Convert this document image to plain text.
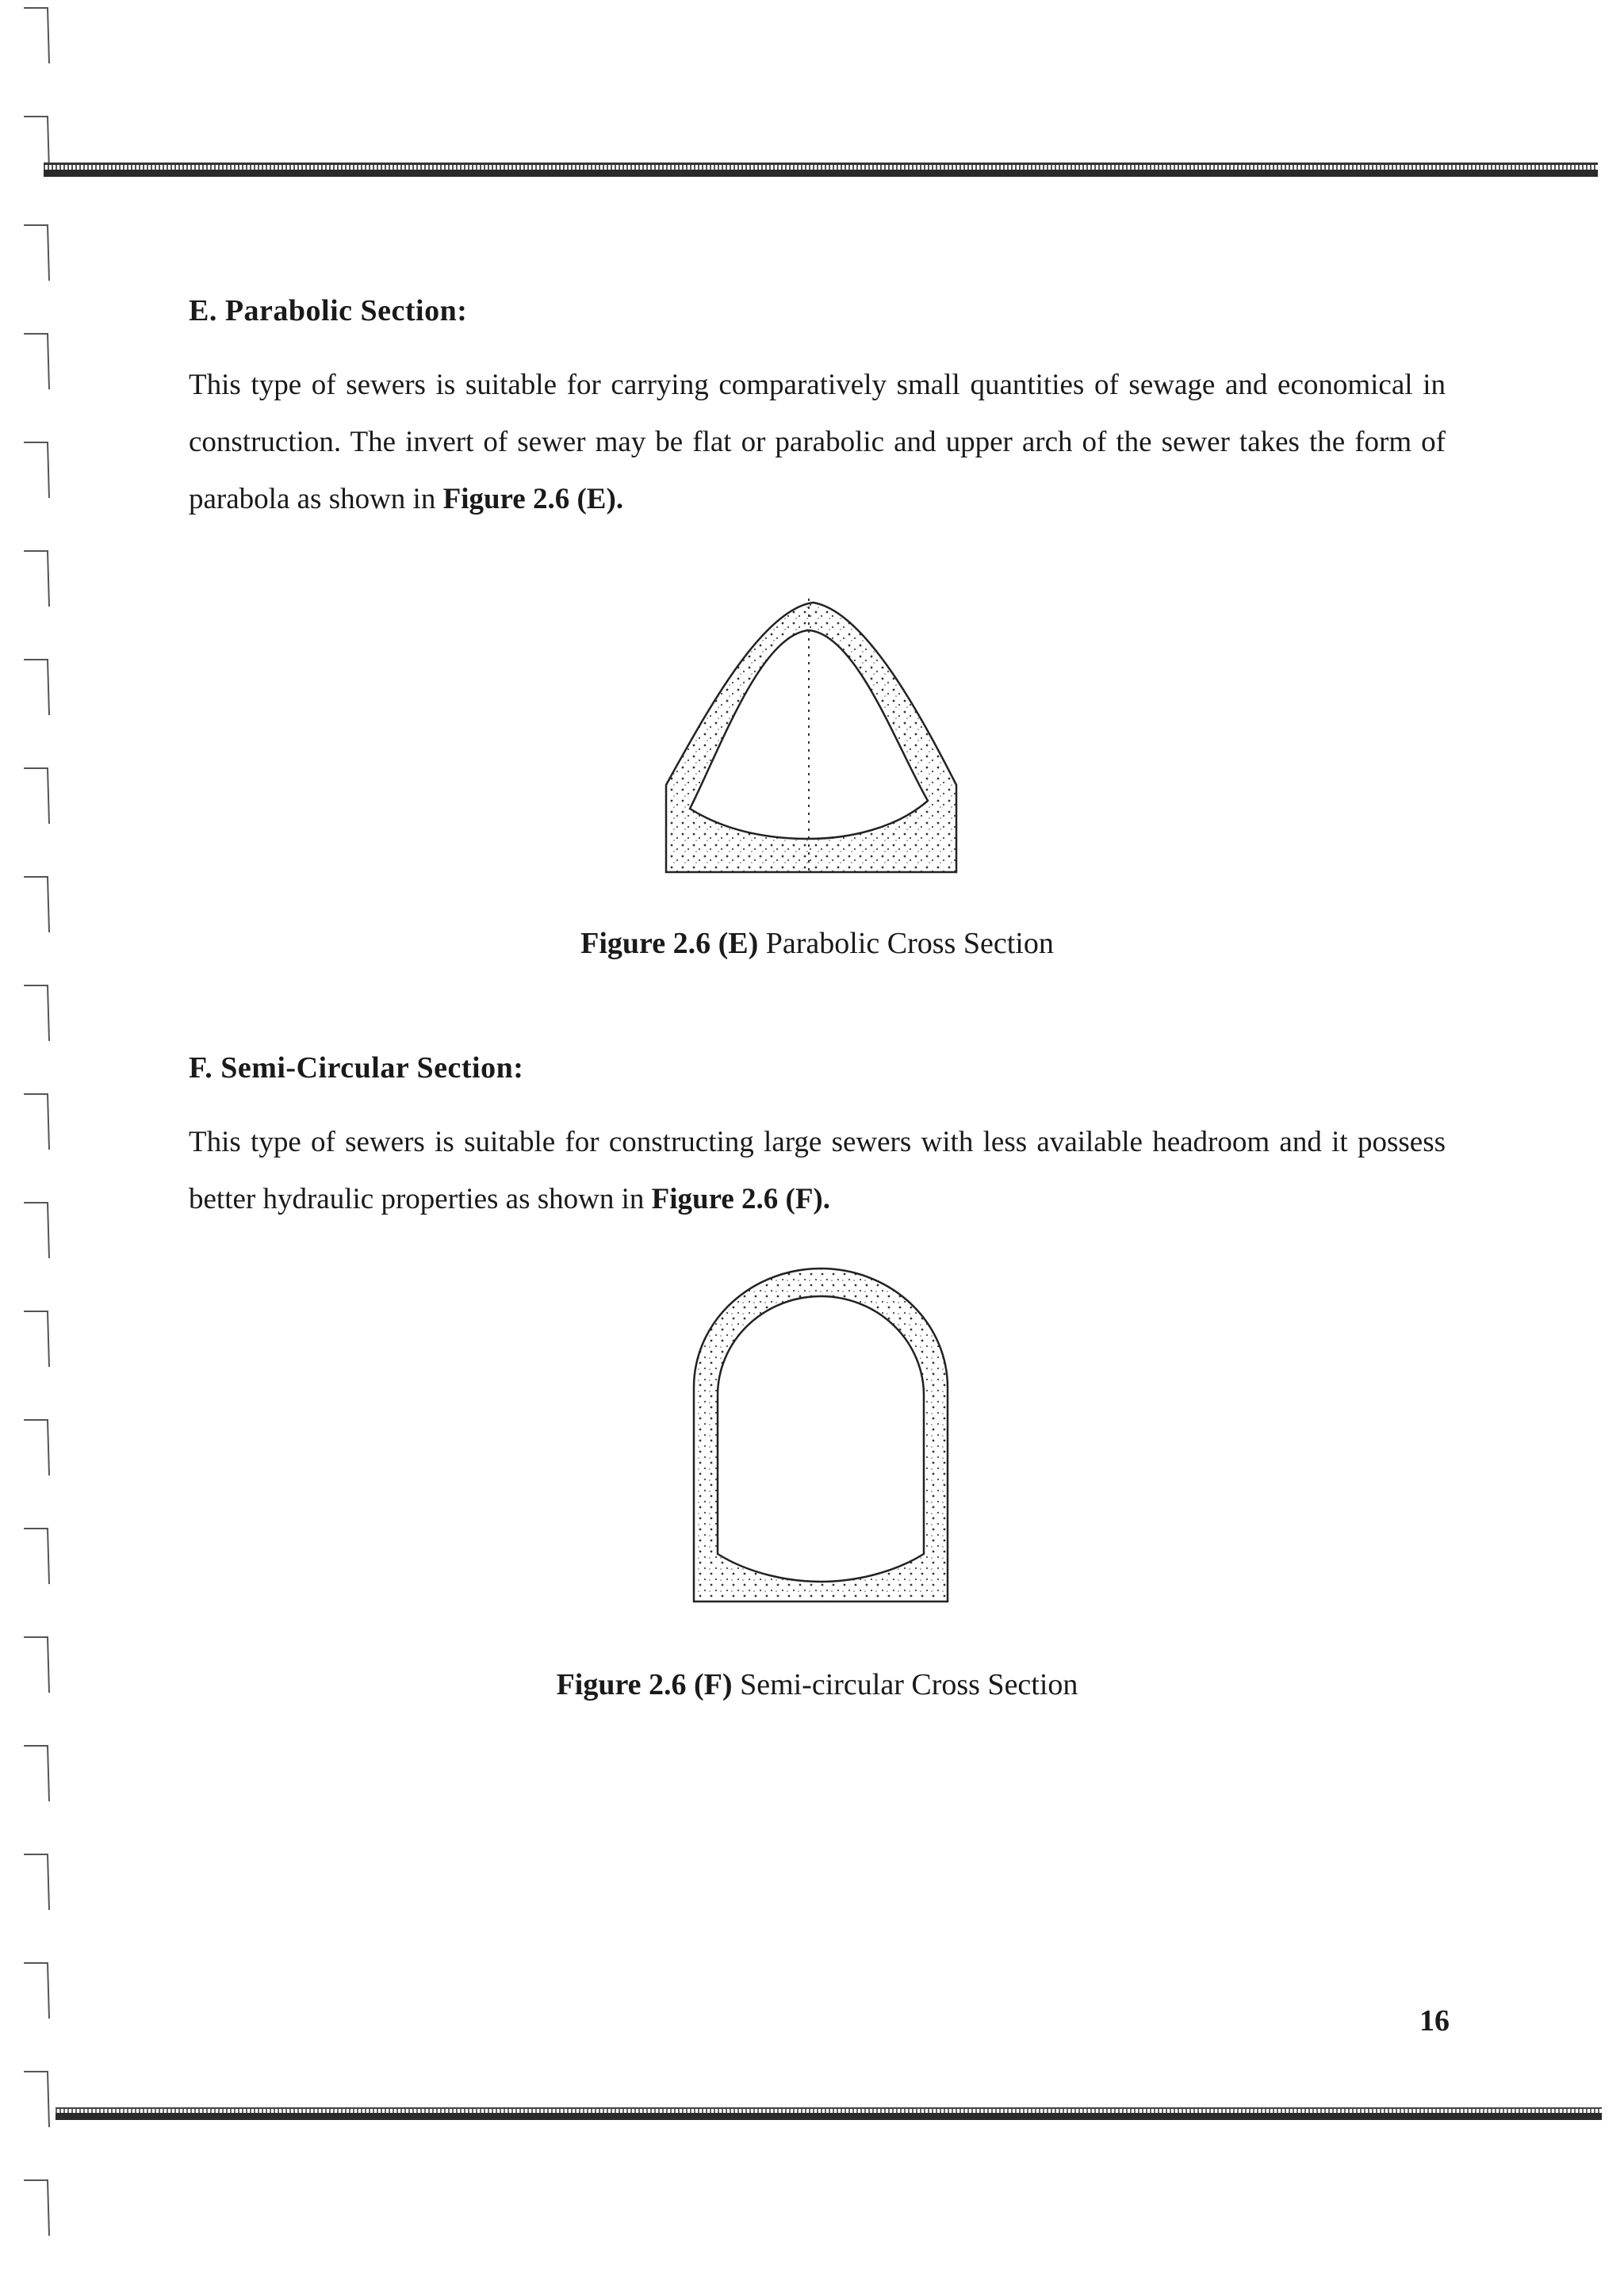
E. Parabolic Section:

This type of sewers is suitable for carrying comparatively small quantities of sewage and economical in construction. The invert of sewer may be flat or parabolic and upper arch of the sewer takes the form of parabola as shown in Figure 2.6 (E).

Figure 2.6 (E) Parabolic Cross Section
F. Semi-Circular Section:

This type of sewers is suitable for constructing large sewers with less available headroom and it possess better hydraulic properties as shown in Figure 2.6 (F).

Figure 2.6 (F) Semi-circular Cross Section
16
